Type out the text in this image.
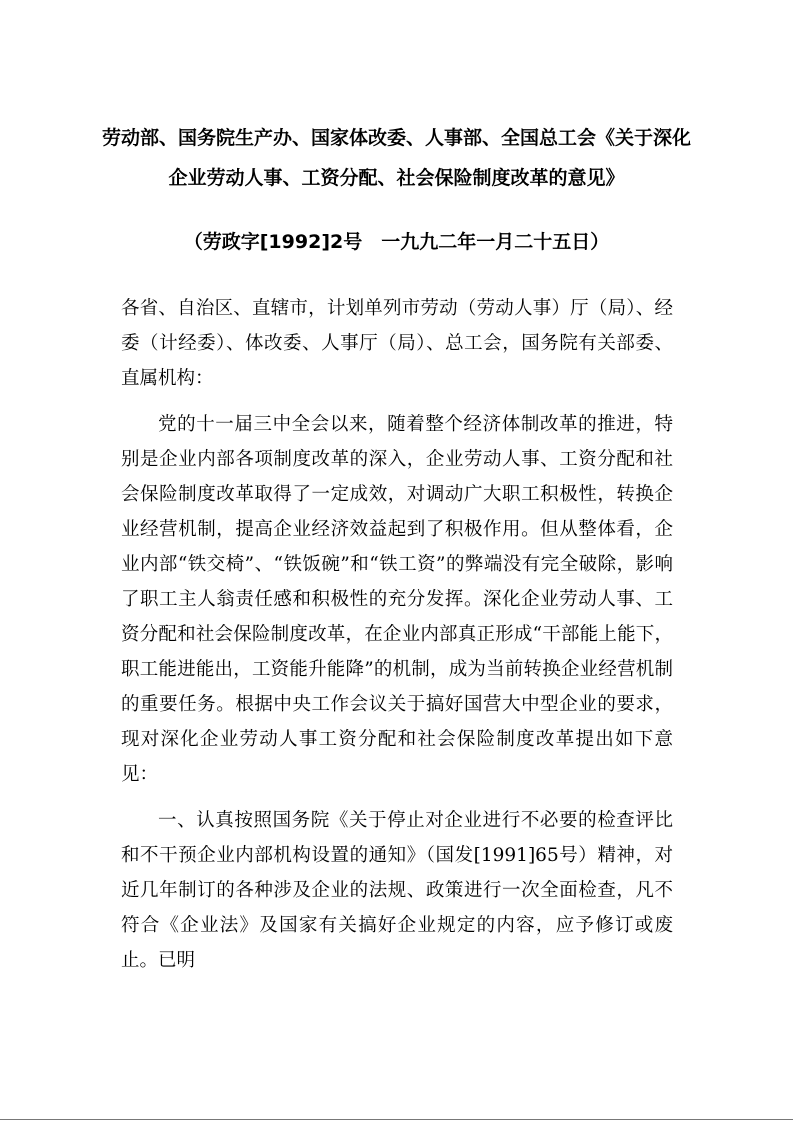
劳动部、国务院生产办、国家体改委、人事部、全国总工会《关于深化企业劳动人事、工资分配、社会保险制度改革的意见》
（劳政字[1992]2号　一九九二年一月二十五日）

各省、自治区、直辖市，计划单列市劳动（劳动人事）厅（局）、经委（计经委）、体改委、人事厅（局）、总工会，国务院有关部委、直属机构：

党的十一届三中全会以来，随着整个经济体制改革的推进，特别是企业内部各项制度改革的深入，企业劳动人事、工资分配和社会保险制度改革取得了一定成效，对调动广大职工积极性，转换企业经营机制，提高企业经济效益起到了积极作用。但从整体看，企业内部“铁交椅”、“铁饭碗”和“铁工资”的弊端没有完全破除，影响了职工主人翁责任感和积极性的充分发挥。深化企业劳动人事、工资分配和社会保险制度改革，在企业内部真正形成“干部能上能下，职工能进能出，工资能升能降”的机制，成为当前转换企业经营机制的重要任务。根据中央工作会议关于搞好国营大中型企业的要求，现对深化企业劳动人事工资分配和社会保险制度改革提出如下意见：

一、认真按照国务院《关于停止对企业进行不必要的检查评比和不干预企业内部机构设置的通知》（国发[1991]65号）精神，对近几年制订的各种涉及企业的法规、政策进行一次全面检查，凡不符合《企业法》及国家有关搞好企业规定的内容，应予修订或废止。已明
